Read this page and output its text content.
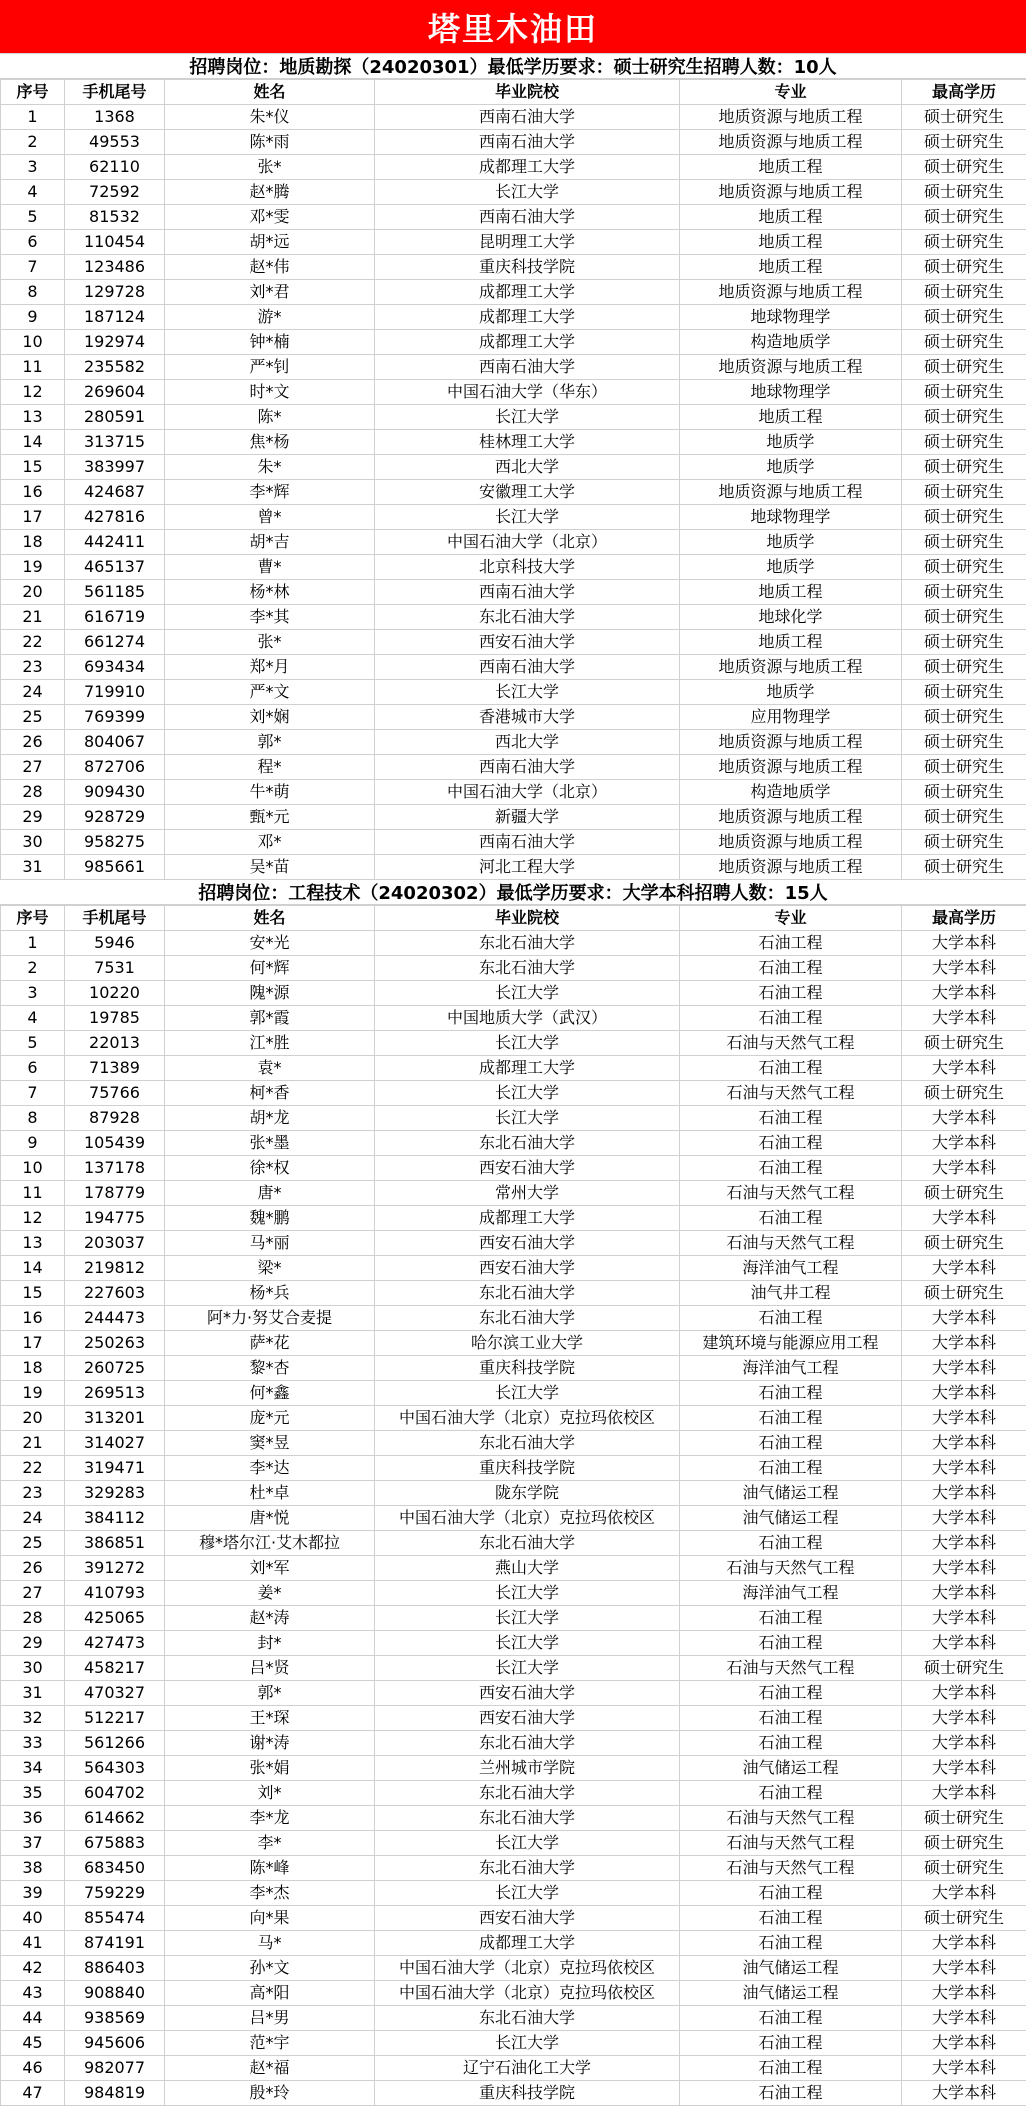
塔里木油田
招聘岗位：地质勘探（24020301）最低学历要求：硕士研究生招聘人数：10人
序号	手机尾号	姓名	毕业院校	专业	最高学历
1	1368	朱*仪	西南石油大学	地质资源与地质工程	硕士研究生
2	49553	陈*雨	西南石油大学	地质资源与地质工程	硕士研究生
3	62110	张*	成都理工大学	地质工程	硕士研究生
4	72592	赵*腾	长江大学	地质资源与地质工程	硕士研究生
5	81532	邓*雯	西南石油大学	地质工程	硕士研究生
6	110454	胡*远	昆明理工大学	地质工程	硕士研究生
7	123486	赵*伟	重庆科技学院	地质工程	硕士研究生
8	129728	刘*君	成都理工大学	地质资源与地质工程	硕士研究生
9	187124	游*	成都理工大学	地球物理学	硕士研究生
10	192974	钟*楠	成都理工大学	构造地质学	硕士研究生
11	235582	严*钊	西南石油大学	地质资源与地质工程	硕士研究生
12	269604	时*文	中国石油大学（华东）	地球物理学	硕士研究生
13	280591	陈*	长江大学	地质工程	硕士研究生
14	313715	焦*杨	桂林理工大学	地质学	硕士研究生
15	383997	朱*	西北大学	地质学	硕士研究生
16	424687	李*辉	安徽理工大学	地质资源与地质工程	硕士研究生
17	427816	曾*	长江大学	地球物理学	硕士研究生
18	442411	胡*吉	中国石油大学（北京）	地质学	硕士研究生
19	465137	曹*	北京科技大学	地质学	硕士研究生
20	561185	杨*林	西南石油大学	地质工程	硕士研究生
21	616719	李*其	东北石油大学	地球化学	硕士研究生
22	661274	张*	西安石油大学	地质工程	硕士研究生
23	693434	郑*月	西南石油大学	地质资源与地质工程	硕士研究生
24	719910	严*文	长江大学	地质学	硕士研究生
25	769399	刘*娴	香港城市大学	应用物理学	硕士研究生
26	804067	郭*	西北大学	地质资源与地质工程	硕士研究生
27	872706	程*	西南石油大学	地质资源与地质工程	硕士研究生
28	909430	牛*萌	中国石油大学（北京）	构造地质学	硕士研究生
29	928729	甄*元	新疆大学	地质资源与地质工程	硕士研究生
30	958275	邓*	西南石油大学	地质资源与地质工程	硕士研究生
31	985661	吴*苗	河北工程大学	地质资源与地质工程	硕士研究生
招聘岗位：工程技术（24020302）最低学历要求：大学本科招聘人数：15人
序号	手机尾号	姓名	毕业院校	专业	最高学历
1	5946	安*光	东北石油大学	石油工程	大学本科
2	7531	何*辉	东北石油大学	石油工程	大学本科
3	10220	隗*源	长江大学	石油工程	大学本科
4	19785	郭*霞	中国地质大学（武汉）	石油工程	大学本科
5	22013	江*胜	长江大学	石油与天然气工程	硕士研究生
6	71389	袁*	成都理工大学	石油工程	大学本科
7	75766	柯*香	长江大学	石油与天然气工程	硕士研究生
8	87928	胡*龙	长江大学	石油工程	大学本科
9	105439	张*墨	东北石油大学	石油工程	大学本科
10	137178	徐*权	西安石油大学	石油工程	大学本科
11	178779	唐*	常州大学	石油与天然气工程	硕士研究生
12	194775	魏*鹏	成都理工大学	石油工程	大学本科
13	203037	马*丽	西安石油大学	石油与天然气工程	硕士研究生
14	219812	梁*	西安石油大学	海洋油气工程	大学本科
15	227603	杨*兵	东北石油大学	油气井工程	硕士研究生
16	244473	阿*力·努艾合麦提	东北石油大学	石油工程	大学本科
17	250263	萨*花	哈尔滨工业大学	建筑环境与能源应用工程	大学本科
18	260725	黎*杏	重庆科技学院	海洋油气工程	大学本科
19	269513	何*鑫	长江大学	石油工程	大学本科
20	313201	庞*元	中国石油大学（北京）克拉玛依校区	石油工程	大学本科
21	314027	窦*昱	东北石油大学	石油工程	大学本科
22	319471	李*达	重庆科技学院	石油工程	大学本科
23	329283	杜*卓	陇东学院	油气储运工程	大学本科
24	384112	唐*悦	中国石油大学（北京）克拉玛依校区	油气储运工程	大学本科
25	386851	穆*塔尔江·艾木都拉	东北石油大学	石油工程	大学本科
26	391272	刘*军	燕山大学	石油与天然气工程	大学本科
27	410793	姜*	长江大学	海洋油气工程	大学本科
28	425065	赵*涛	长江大学	石油工程	大学本科
29	427473	封*	长江大学	石油工程	大学本科
30	458217	吕*贤	长江大学	石油与天然气工程	硕士研究生
31	470327	郭*	西安石油大学	石油工程	大学本科
32	512217	王*琛	西安石油大学	石油工程	大学本科
33	561266	谢*涛	东北石油大学	石油工程	大学本科
34	564303	张*娟	兰州城市学院	油气储运工程	大学本科
35	604702	刘*	东北石油大学	石油工程	大学本科
36	614662	李*龙	东北石油大学	石油与天然气工程	硕士研究生
37	675883	李*	长江大学	石油与天然气工程	硕士研究生
38	683450	陈*峰	东北石油大学	石油与天然气工程	硕士研究生
39	759229	李*杰	长江大学	石油工程	大学本科
40	855474	向*果	西安石油大学	石油工程	硕士研究生
41	874191	马*	成都理工大学	石油工程	大学本科
42	886403	孙*文	中国石油大学（北京）克拉玛依校区	油气储运工程	大学本科
43	908840	高*阳	中国石油大学（北京）克拉玛依校区	油气储运工程	大学本科
44	938569	吕*男	东北石油大学	石油工程	大学本科
45	945606	范*宇	长江大学	石油工程	大学本科
46	982077	赵*福	辽宁石油化工大学	石油工程	大学本科
47	984819	殷*玲	重庆科技学院	石油工程	大学本科
